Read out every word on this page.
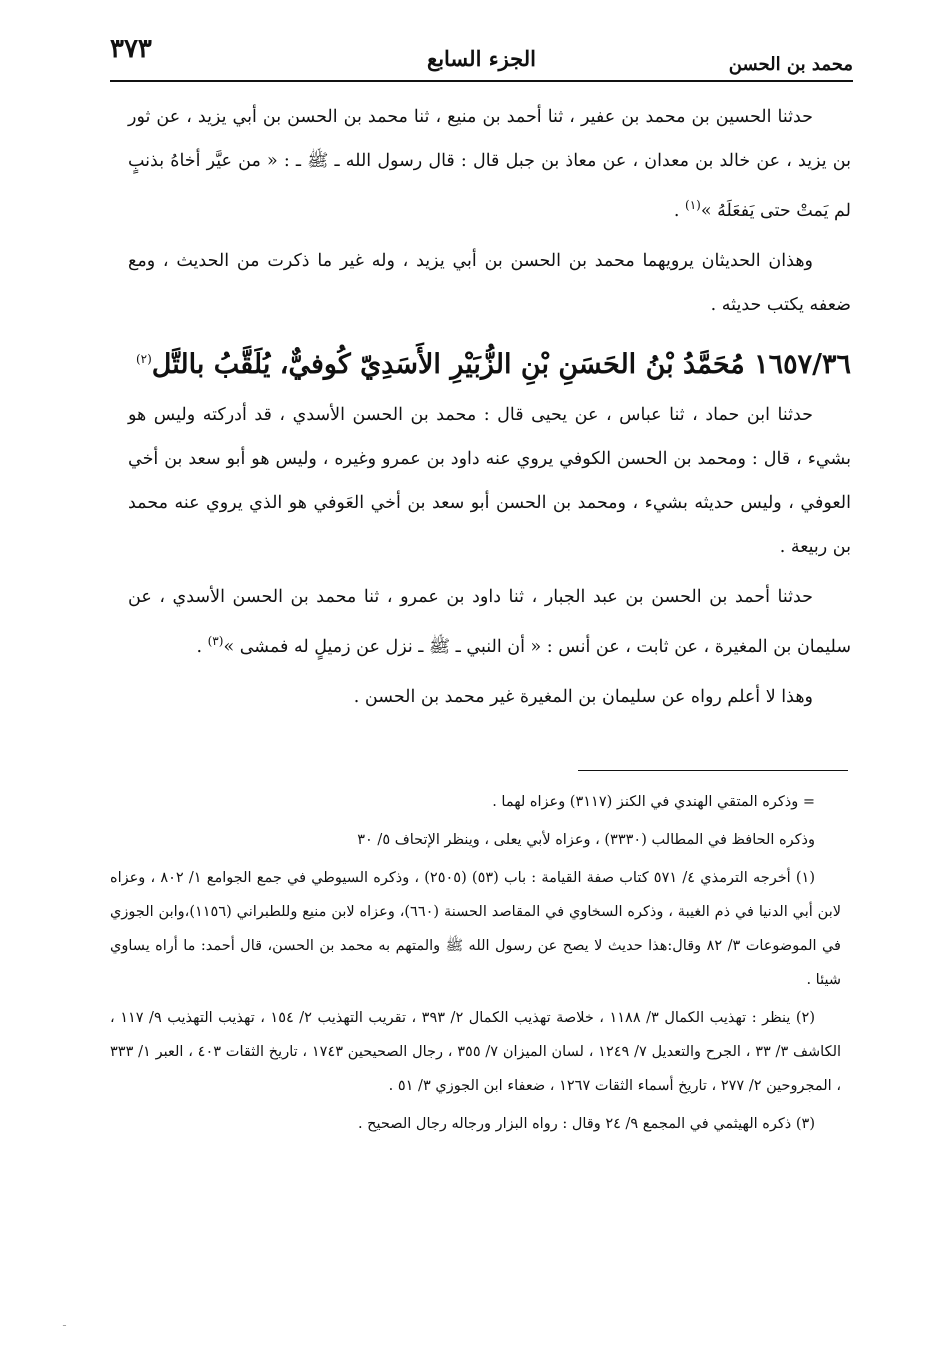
محمد بن الحسن
الجزء السابع
٣٧٣

حدثنا الحسين بن محمد بن عفير ، ثنا أحمد بن منيع ، ثنا محمد بن الحسن بن أبي يزيد ، عن ثور بن يزيد ، عن خالد بن معدان ، عن معاذ بن جبل قال : قال رسول الله ـ ﷺ ـ : « من عيَّر أخاهُ بذنبٍ لم يَمتْ حتى يَفعَلَهُ »$^{(١)}$ .

وهذان الحديثان يرويهما محمد بن الحسن بن أبي يزيد ، وله غير ما ذكرت من الحديث ، ومع ضعفه يكتب حديثه .

١٦٥٧/٣٦ مُحَمَّدُ بْنُ الحَسَنِ بْنِ الزُّبَيْرِ الأَسَدِيّ كُوفيٌّ، يُلَقَّبُ بالتَّل$^{(٢)}$

حدثنا ابن حماد ، ثنا عباس ، عن يحيى قال : محمد بن الحسن الأسدي ، قد أدركته وليس هو بشيء ، قال : ومحمد بن الحسن الكوفي يروي عنه داود بن عمرو وغيره ، وليس هو أبو سعد بن أخي العوفي ، وليس حديثه بشيء ، ومحمد بن الحسن أبو سعد بن أخي العَوفي هو الذي يروي عنه محمد بن ربيعة .

حدثنا أحمد بن الحسن بن عبد الجبار ، ثنا داود بن عمرو ، ثنا محمد بن الحسن الأسدي ، عن سليمان بن المغيرة ، عن ثابت ، عن أنس : « أن النبي ـ ﷺ ـ نزل عن زميلٍ له فمشى »$^{(٣)}$ .

وهذا لا أعلم رواه عن سليمان بن المغيرة غير محمد بن الحسن .

= وذكره المتقي الهندي في الكنز (٣١١٧) وعزاه لهما .

وذكره الحافظ في المطالب (٣٣٣٠) ، وعزاه لأبي يعلى ، وينظر الإتحاف ٥/ ٣٠

(١) أخرجه الترمذي ٤/ ٥٧١ كتاب صفة القيامة : باب (٥٣) (٢٥٠٥) ، وذكره السيوطي في جمع الجوامع ١/ ٨٠٢ ، وعزاه لابن أبي الدنيا في ذم الغيبة ، وذكره السخاوي في المقاصد الحسنة (٦٦٠)، وعزاه لابن منيع وللطبراني (١١٥٦)،وابن الجوزي في الموضوعات ٣/ ٨٢ وقال:هذا حديث لا يصح عن رسول الله ﷺ والمتهم به محمد بن الحسن، قال أحمد: ما أراه يساوي شيئا .

(٢) ينظر : تهذيب الكمال ٣/ ١١٨٨ ، خلاصة تهذيب الكمال ٢/ ٣٩٣ ، تقريب التهذيب ٢/ ١٥٤ ، تهذيب التهذيب ٩/ ١١٧ ، الكاشف ٣/ ٣٣ ، الجرح والتعديل ٧/ ١٢٤٩ ، لسان الميزان ٧/ ٣٥٥ ، رجال الصحيحين ١٧٤٣ ، تاريخ الثقات ٤٠٣ ، العبر ١/ ٣٣٣ ، المجروحين ٢/ ٢٧٧ ، تاريخ أسماء الثقات ١٢٦٧ ، ضعفاء ابن الجوزي ٣/ ٥١ .

(٣) ذكره الهيثمي في المجمع ٩/ ٢٤ وقال : رواه البزار ورجاله رجال الصحيح .

ـ
